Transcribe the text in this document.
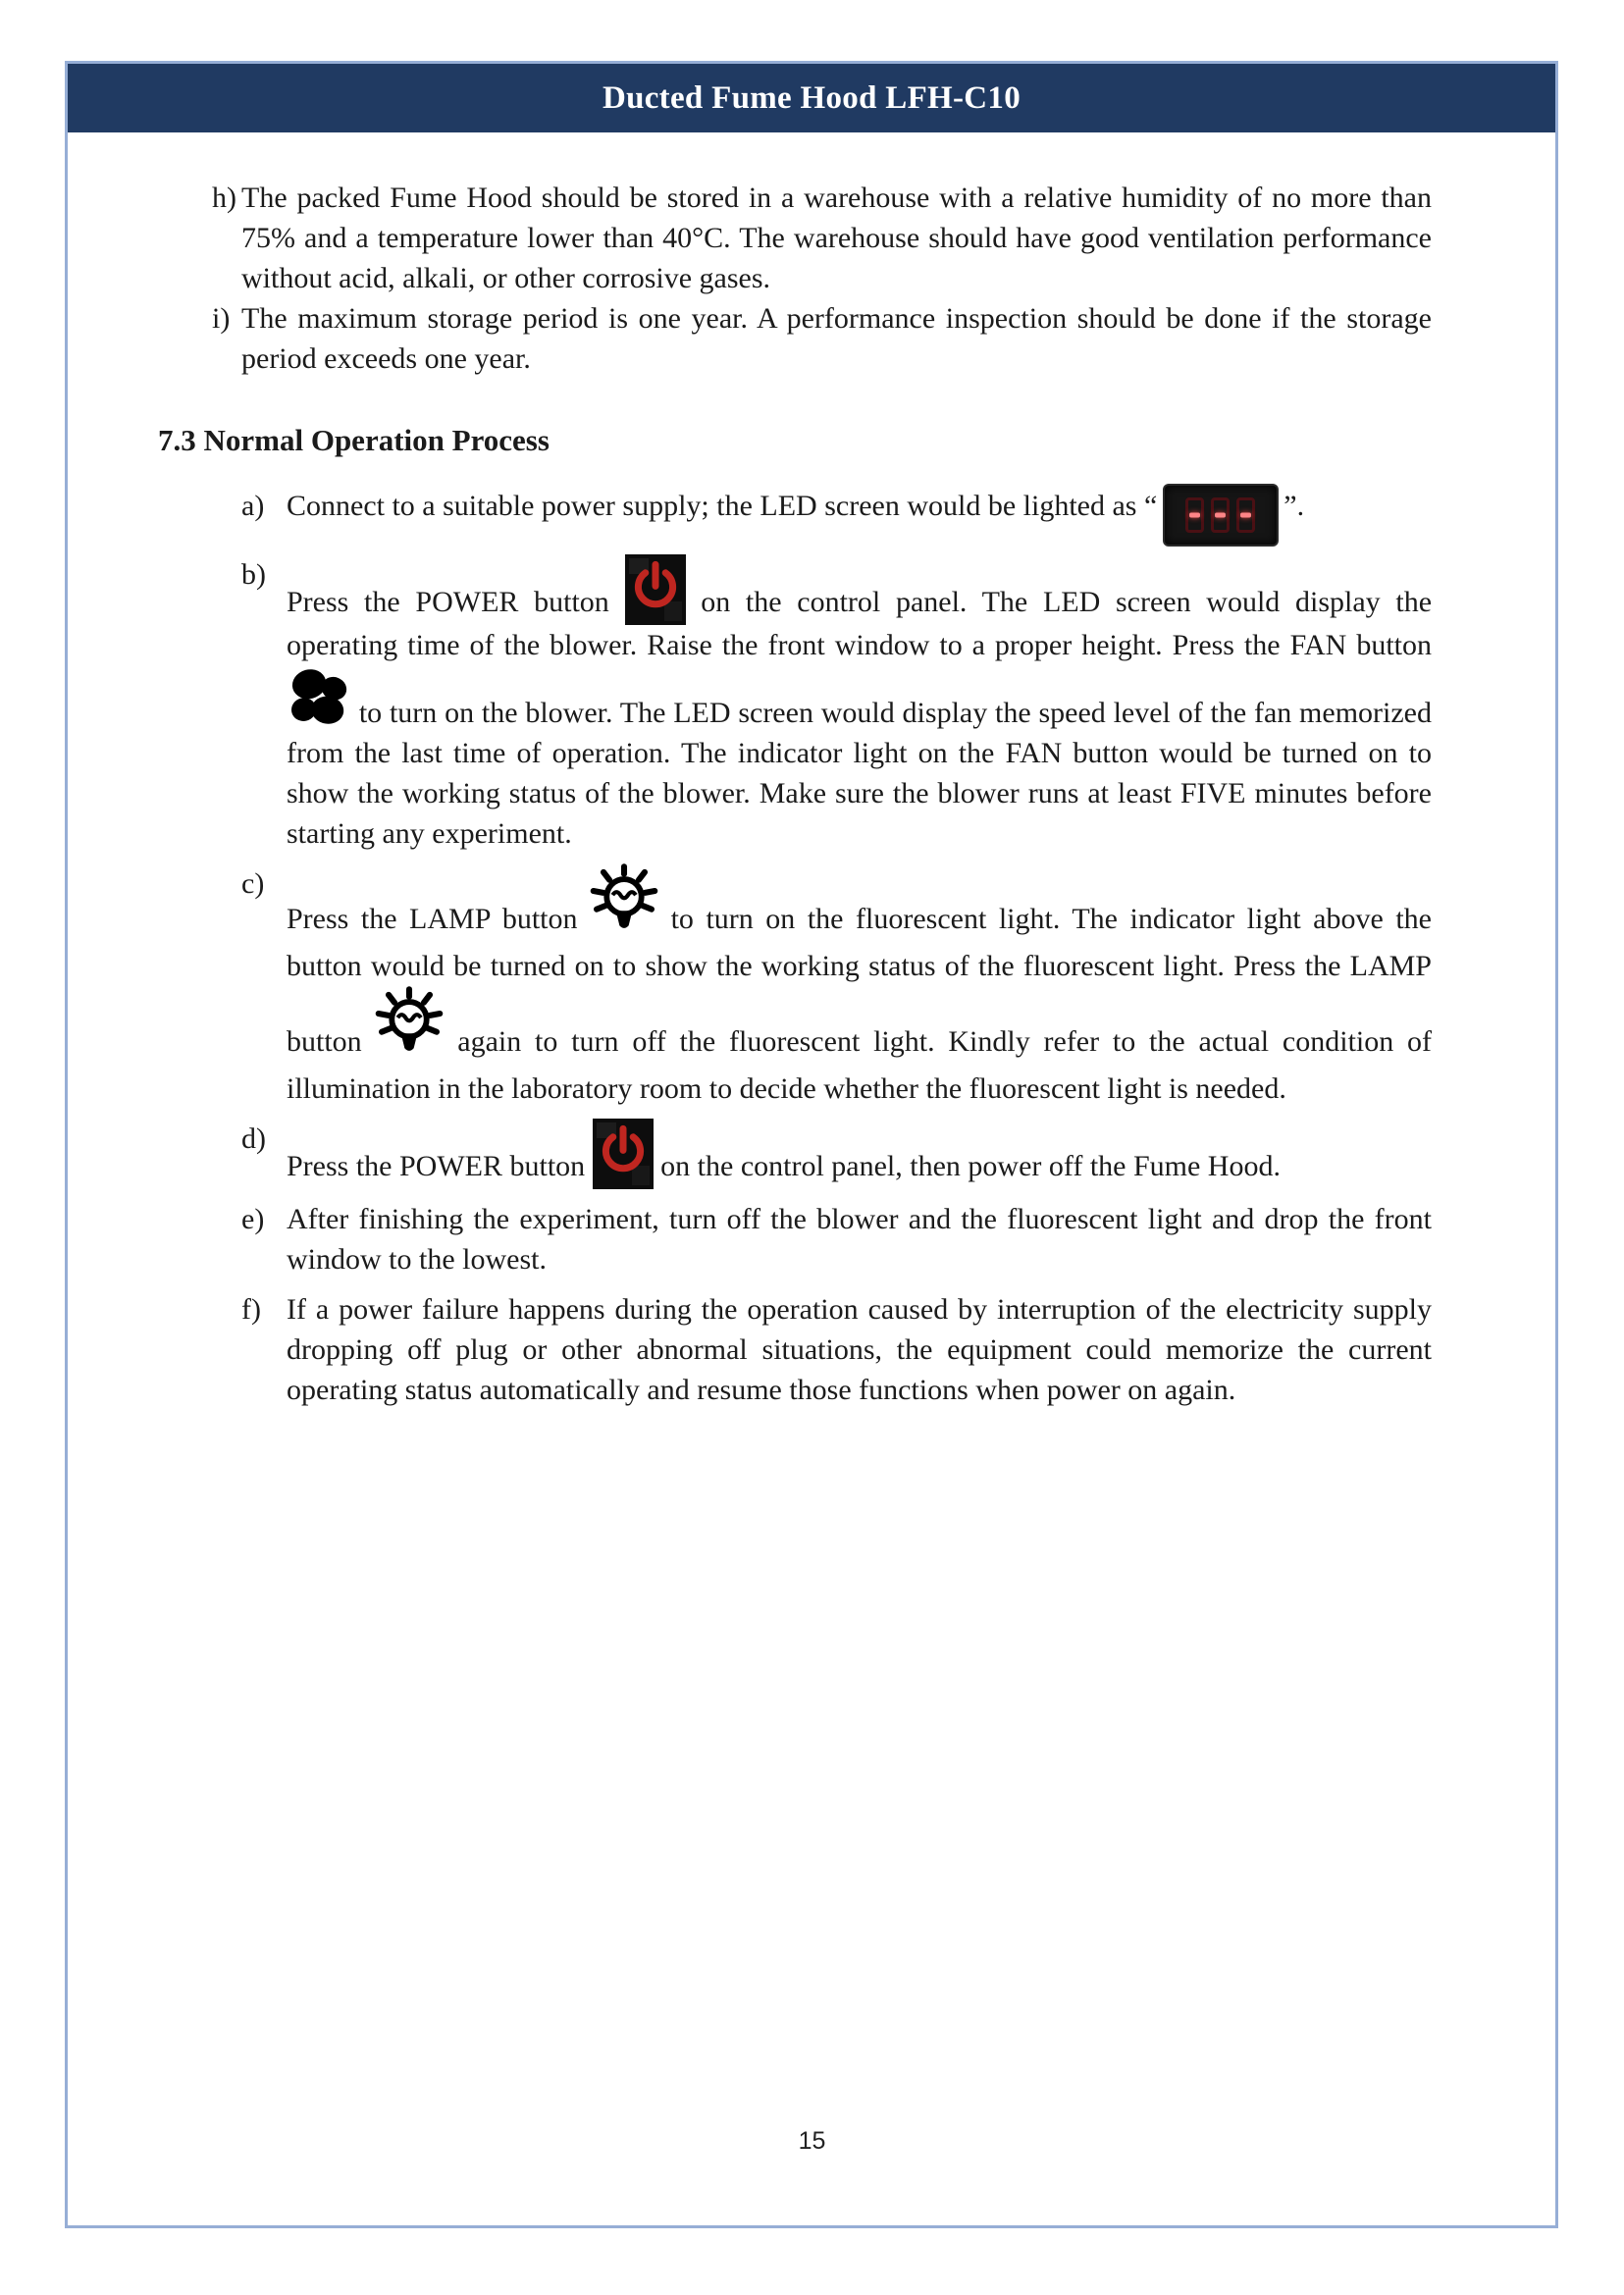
Ducted Fume Hood LFH-C10
h) The packed Fume Hood should be stored in a warehouse with a relative humidity of no more than 75% and a temperature lower than 40°C. The warehouse should have good ventilation performance without acid, alkali, or other corrosive gases.
i) The maximum storage period is one year. A performance inspection should be done if the storage period exceeds one year.
7.3 Normal Operation Process
a) Connect to a suitable power supply; the LED screen would be lighted as “	”.
b)
Press the POWER button	on the control panel. The LED screen would display the operating time of the blower. Raise the front window to a proper height. Press the FAN button  to turn on the blower. The LED screen would display the speed level of the fan memorized from the last time of operation. The indicator light on the FAN button would be turned on to show the working status of the blower. Make sure the blower runs at least FIVE minutes before starting any experiment.
c)
Press the LAMP button	to turn on the fluorescent light. The indicator light above the button would be turned on to show the working status of the fluorescent light. Press the LAMP button	again to turn off the fluorescent light. Kindly refer to the actual condition of illumination in the laboratory room to decide whether the fluorescent light is needed.
d)
Press the POWER button  on the control panel, then power off the Fume Hood.
e) After finishing the experiment, turn off the blower and the fluorescent light and drop the front window to the lowest.
f) If a power failure happens during the operation caused by interruption of the electricity supply dropping off plug or other abnormal situations, the equipment could memorize the current operating status automatically and resume those functions when power on again.
15
